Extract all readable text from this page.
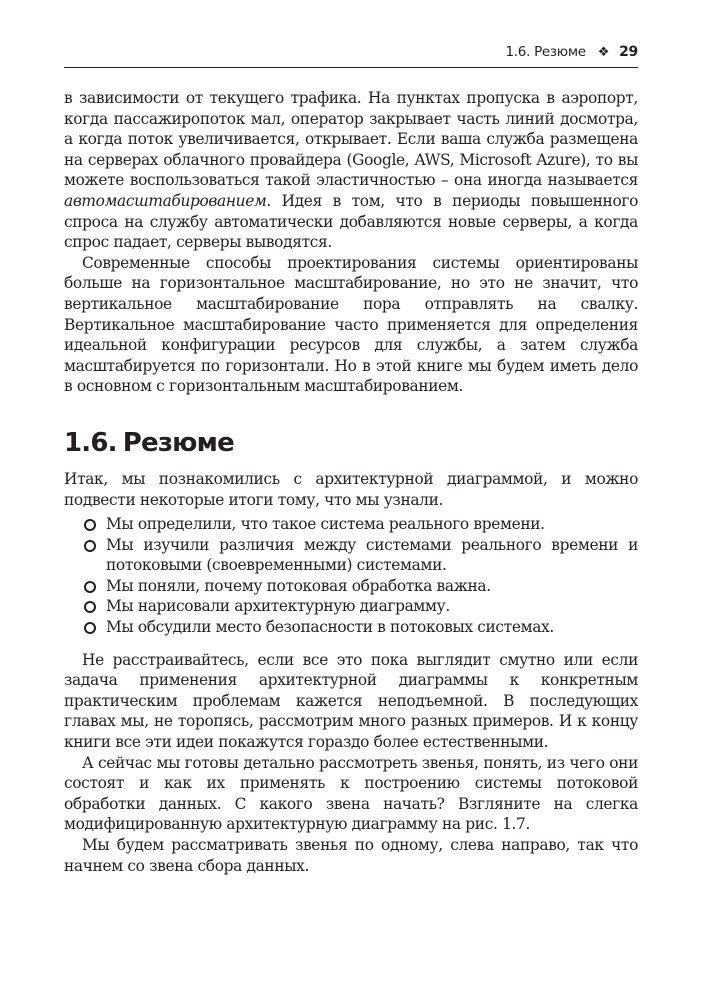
1.6. Резюме ❖ 29

в зависимости от текущего трафика. На пунктах пропуска в аэропорт, когда пассажиропоток мал, оператор закрывает часть линий досмотра, а когда поток увеличивается, открывает. Если ваша служба размещена на серверах облачного провайдера (Google, AWS, Microsoft Azure), то вы можете воспользоваться такой эластичностью – она иногда называется автомасштабированием. Идея в том, что в периоды повышенного спроса на службу автоматически добавляются новые серверы, а когда спрос падает, серверы выводятся.

Современные способы проектирования системы ориентированы больше на горизонтальное масштабирование, но это не значит, что вертикальное масштабирование пора отправлять на свалку. Вертикальное масштабирование часто применяется для определения идеальной конфигурации ресурсов для службы, а затем служба масштабируется по горизонтали. Но в этой книге мы будем иметь дело в основном с горизонтальным масштабированием.

1.6. Резюме

Итак, мы познакомились с архитектурной диаграммой, и можно подвести некоторые итоги тому, что мы узнали.

Мы определили, что такое система реального времени.
Мы изучили различия между системами реального времени и потоковыми (своевременными) системами.
Мы поняли, почему потоковая обработка важна.
Мы нарисовали архитектурную диаграмму.
Мы обсудили место безопасности в потоковых системах.

Не расстраивайтесь, если все это пока выглядит смутно или если задача применения архитектурной диаграммы к конкретным практическим проблемам кажется неподъемной. В последующих главах мы, не торопясь, рассмотрим много разных примеров. И к концу книги все эти идеи покажутся гораздо более естественными.

А сейчас мы готовы детально рассмотреть звенья, понять, из чего они состоят и как их применять к построению системы потоковой обработки данных. С какого звена начать? Взгляните на слегка модифицированную архитектурную диаграмму на рис. 1.7.

Мы будем рассматривать звенья по одному, слева направо, так что начнем со звена сбора данных.
